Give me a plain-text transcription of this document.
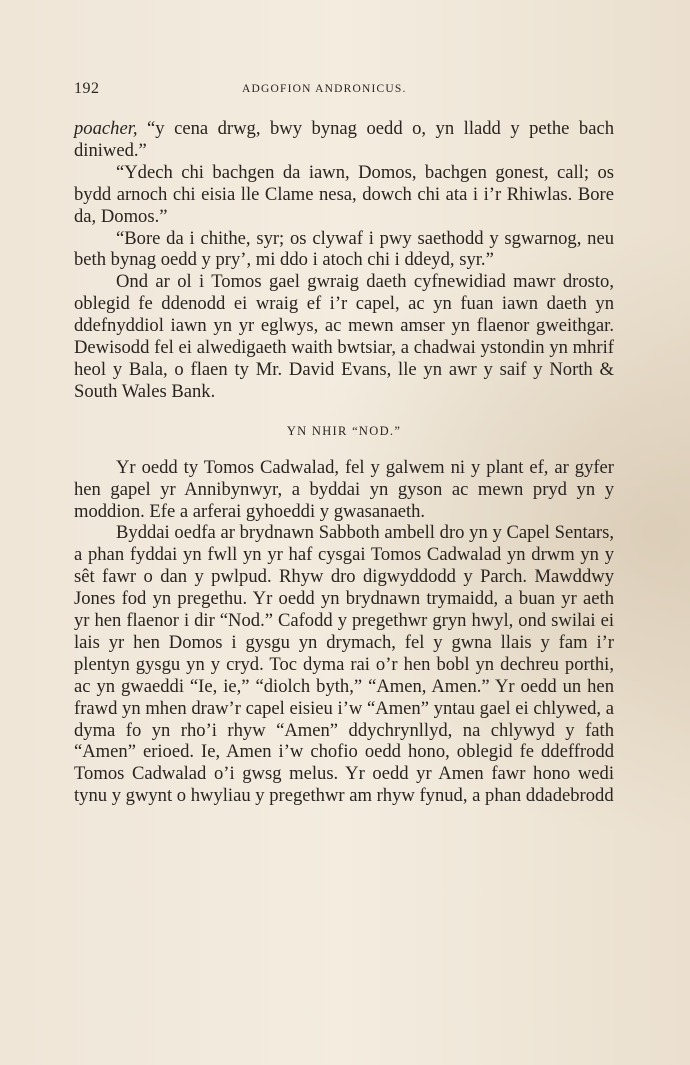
192	ADGOFION ANDRONICUS.

poacher, “y cena drwg, bwy bynag oedd o, yn lladd y pethe bach diniwed.”

“Ydech chi bachgen da iawn, Domos, bachgen gonest, call; os bydd arnoch chi eisia lle Clame nesa, dowch chi ata i i’r Rhiwlas. Bore da, Domos.”

“Bore da i chithe, syr; os clywaf i pwy saethodd y sgwarnog, neu beth bynag oedd y pry’, mi ddo i atoch chi i ddeyd, syr.”

Ond ar ol i Tomos gael gwraig daeth cyfnewidiad mawr drosto, oblegid fe ddenodd ei wraig ef i’r capel, ac yn fuan iawn daeth yn ddefnyddiol iawn yn yr eglwys, ac mewn amser yn flaenor gweithgar. Dewisodd fel ei alwedigaeth waith bwtsiar, a chadwai ystondin yn mhrif heol y Bala, o flaen ty Mr. David Evans, lle yn awr y saif y North & South Wales Bank.

YN NHIR “NOD.”

Yr oedd ty Tomos Cadwalad, fel y galwem ni y plant ef, ar gyfer hen gapel yr Annibynwyr, a byddai yn gyson ac mewn pryd yn y moddion. Efe a arferai gyhoeddi y gwasanaeth.

Byddai oedfa ar brydnawn Sabboth ambell dro yn y Capel Sentars, a phan fyddai yn fwll yn yr haf cysgai Tomos Cadwalad yn drwm yn y sêt fawr o dan y pwlpud. Rhyw dro digwyddodd y Parch. Mawddwy Jones fod yn pregethu. Yr oedd yn brydnawn trymaidd, a buan yr aeth yr hen flaenor i dir “Nod.” Cafodd y pregethwr gryn hwyl, ond swilai ei lais yr hen Domos i gysgu yn drymach, fel y gwna llais y fam i’r plentyn gysgu yn y cryd. Toc dyma rai o’r hen bobl yn dechreu porthi, ac yn gwaeddi “Ie, ie,” “diolch byth,” “Amen, Amen.” Yr oedd un hen frawd yn mhen draw’r capel eisieu i’w “Amen” yntau gael ei chlywed, a dyma fo yn rho’i rhyw “Amen” ddychrynllyd, na chlywyd y fath “Amen” erioed. Ie, Amen i’w chofio oedd hono, oblegid fe ddeffrodd Tomos Cadwalad o’i gwsg melus. Yr oedd yr Amen fawr hono wedi tynu y gwynt o hwyliau y pregethwr am rhyw fynud, a phan ddadebrodd
